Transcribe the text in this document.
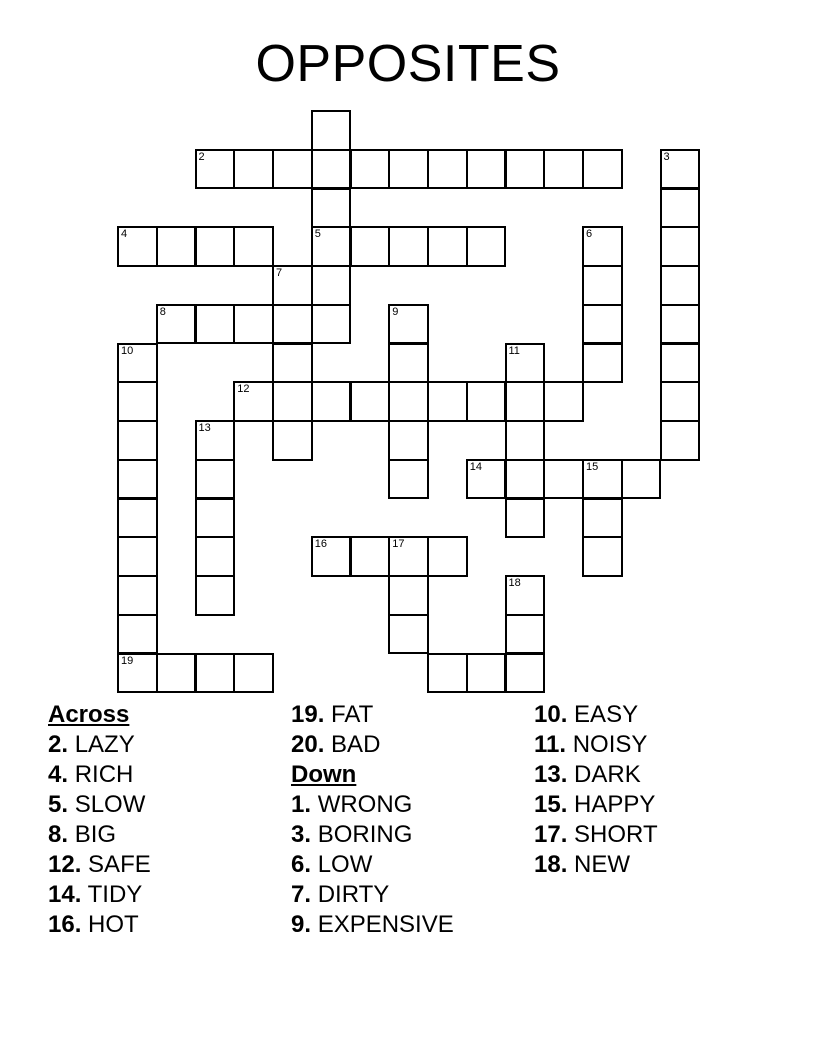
OPPOSITES
5
2	3
4	6
7
8	9
10
19
11
12
13
14	15
16	17
18
Across
2. LAZY
4. RICH
5. SLOW
8. BIG
12. SAFE
14. TIDY
16. HOT
19. FAT
20. BAD
Down
1. WRONG
3. BORING
6. LOW
7. DIRTY
9. EXPENSIVE
10. EASY
11. NOISY
13. DARK
15. HAPPY
17. SHORT
18. NEW
